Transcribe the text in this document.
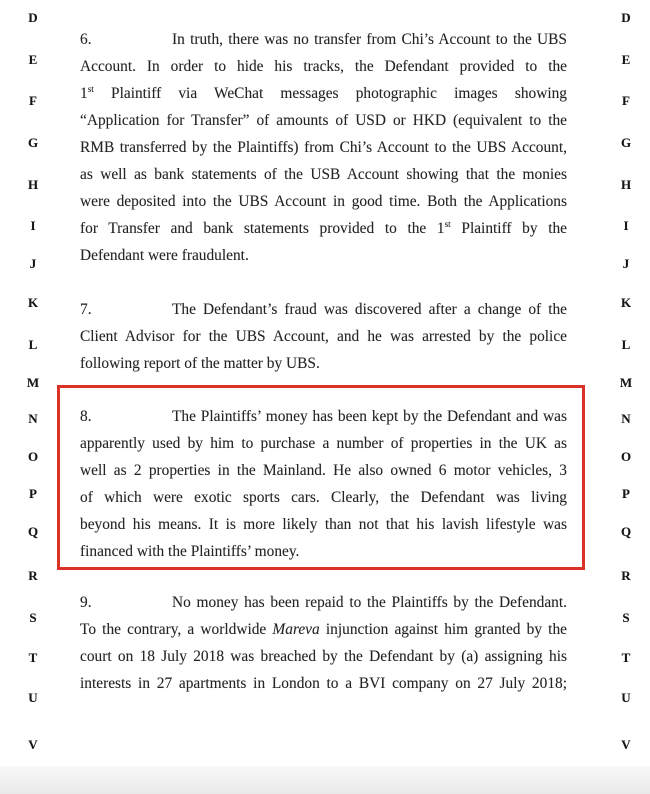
D
E
F
G
H
I
J
K
L
M
N
O
P
Q
R
S
T
U
V
D
E
F
G
H
I
J
K
L
M
N
O
P
Q
R
S
T
U
V
6.	In truth, there was no transfer from Chi’s Account to the UBS
Account. In order to hide his tracks, the Defendant provided to the
1st Plaintiff via WeChat messages photographic images showing
“Application for Transfer” of amounts of USD or HKD (equivalent to the
RMB transferred by the Plaintiffs) from Chi’s Account to the UBS Account,
as well as bank statements of the USB Account showing that the monies
were deposited into the UBS Account in good time. Both the Applications
for Transfer and bank statements provided to the 1st Plaintiff by the
Defendant were fraudulent.
7.	The Defendant’s fraud was discovered after a change of the
Client Advisor for the UBS Account, and he was arrested by the police
following report of the matter by UBS.
8.	The Plaintiffs’ money has been kept by the Defendant and was
apparently used by him to purchase a number of properties in the UK as
well as 2 properties in the Mainland. He also owned 6 motor vehicles, 3
of which were exotic sports cars. Clearly, the Defendant was living
beyond his means. It is more likely than not that his lavish lifestyle was
financed with the Plaintiffs’ money.
9.	No money has been repaid to the Plaintiffs by the Defendant.
To the contrary, a worldwide Mareva injunction against him granted by the
court on 18 July 2018 was breached by the Defendant by (a) assigning his
interests in 27 apartments in London to a BVI company on 27 July 2018;
